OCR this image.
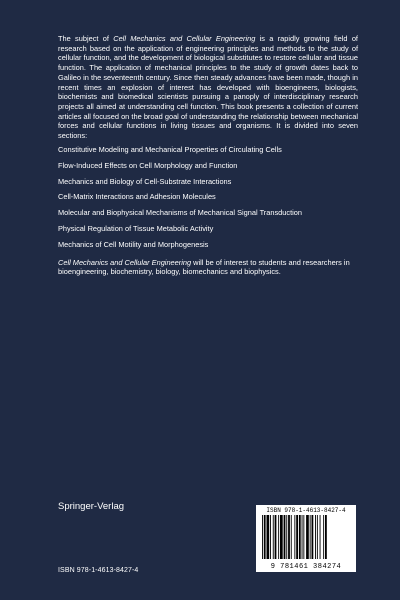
The subject of Cell Mechanics and Cellular Engineering is a rapidly growing field of research based on the application of engineering principles and methods to the study of cellular function, and the development of biological substitutes to restore cellular and tissue function. The application of mechanical principles to the study of growth dates back to Galileo in the seventeenth century. Since then steady advances have been made, though in recent times an explosion of interest has developed with bioengineers, biologists, biochemists and biomedical scientists pursuing a panoply of interdisciplinary research projects all aimed at understanding cell function. This book presents a collection of current articles all focused on the broad goal of understanding the relationship between mechanical forces and cellular functions in living tissues and organisms. It is divided into seven sections:

Constitutive Modeling and Mechanical Properties of Circulating Cells
Flow-Induced Effects on Cell Morphology and Function
Mechanics and Biology of Cell-Substrate Interactions
Cell-Matrix Interactions and Adhesion Molecules
Molecular and Biophysical Mechanisms of Mechanical Signal Transduction
Physical Regulation of Tissue Metabolic Activity
Mechanics of Cell Motility and Morphogenesis

Cell Mechanics and Cellular Engineering will be of interest to students and researchers in bioengineering, biochemistry, biology, biomechanics and biophysics.

Springer-Verlag
ISBN 978-1-4613-8427-4
ISBN 978-1-4613-8427-4
9 781461 384274
